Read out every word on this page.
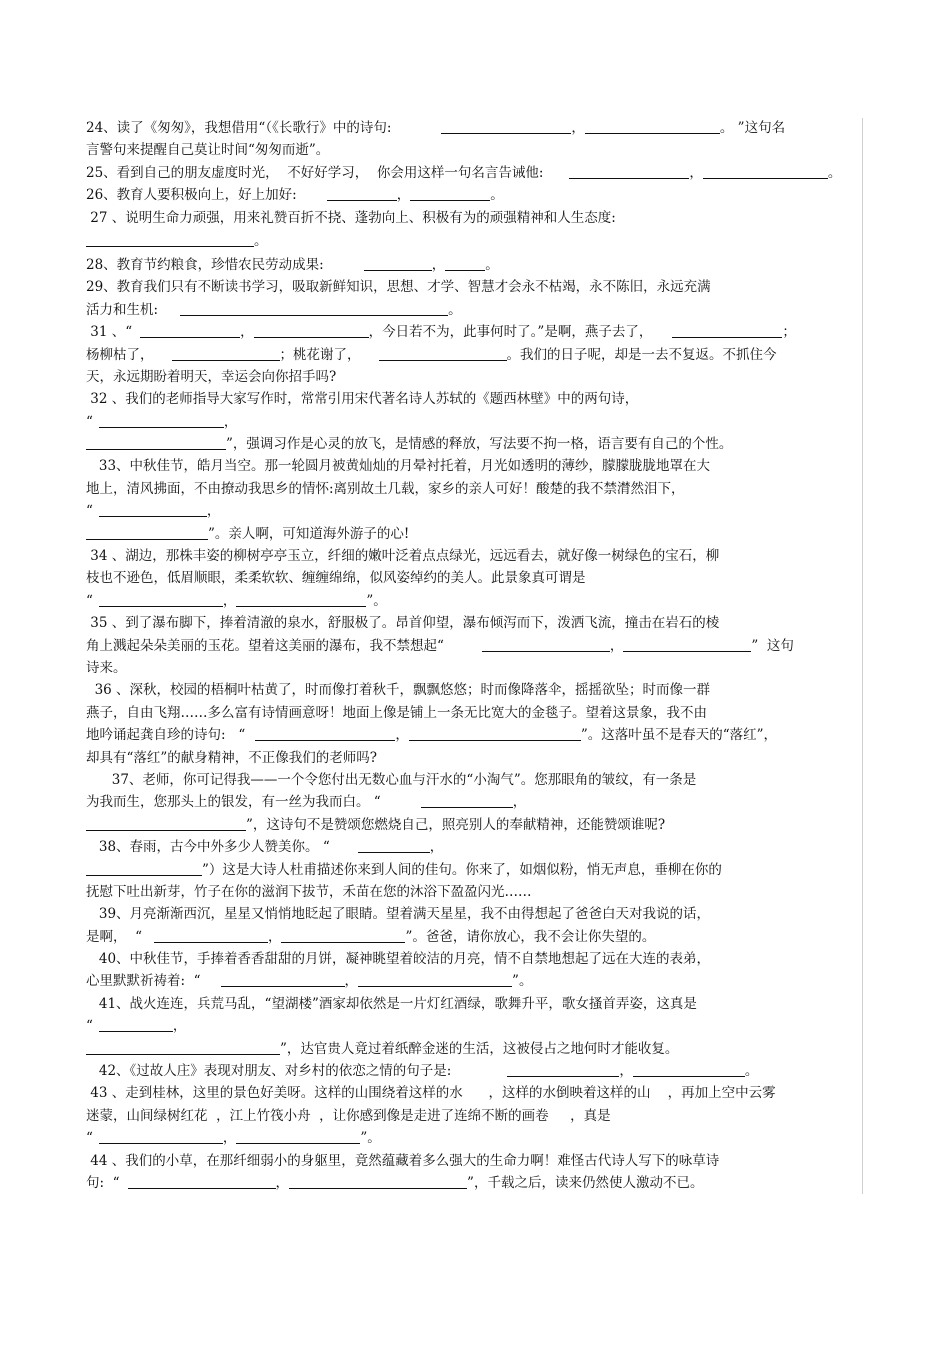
24、读了《匆匆》，我想借用“（《长歌行》中的诗句:	，	。 ”这句名
言警句来提醒自己莫让时间“匆匆而逝”。
25、看到自己的朋友虚度时光，  不好好学习，  你会用这样一句名言告诫他:	，	。
26、教育人要积极向上，好上加好:	，	。
27 、说明生命力顽强，用来礼赞百折不挠、蓬勃向上、积极有为的顽强精神和人生态度:
。
28、教育节约粮食，珍惜农民劳动成果:	，	。
29、教育我们只有不断读书学习，吸取新鲜知识，思想、才学、智慧才会永不枯竭，永不陈旧，永远充满
活力和生机:	。
31 、“	，	，今日若不为，此事何时了。”是啊，燕子去了，	；
杨柳枯了，	；桃花谢了，	。我们的日子呢，却是一去不复返。不抓住今
天，永远期盼着明天，幸运会向你招手吗?
32 、我们的老师指导大家写作时，常常引用宋代著名诗人苏轼的《题西林壁》中的两句诗，
“	，
”，强调习作是心灵的放飞，是情感的释放，写法要不拘一格，语言要有自己的个性。
33、中秋佳节，皓月当空。那一轮圆月被黄灿灿的月晕衬托着，月光如透明的薄纱，朦朦胧胧地罩在大
地上，清风拂面，不由撩动我思乡的情怀:离别故土几载，家乡的亲人可好！酸楚的我不禁潸然泪下，
“	，
”。亲人啊，可知道海外游子的心!
34 、湖边，那株丰姿的柳树亭亭玉立，纤细的嫩叶泛着点点绿光，远远看去，就好像一树绿色的宝石，柳
枝也不逊色，低眉顺眼，柔柔软软、缠缠绵绵，似风姿绰约的美人。此景象真可谓是
“	，	”。
35 、到了瀑布脚下，捧着清澈的泉水，舒服极了。昂首仰望，瀑布倾泻而下，泼洒飞流，撞击在岩石的棱
角上溅起朵朵美丽的玉花。望着这美丽的瀑布，我不禁想起“	，	”  这句
诗来。
36 、深秋，校园的梧桐叶枯黄了，时而像打着秋千，飘飘悠悠；时而像降落伞，摇摇欲坠；时而像一群
燕子，自由飞翔……多么富有诗情画意呀！地面上像是铺上一条无比宽大的金毯子。望着这景象，我不由
地吟诵起龚自珍的诗句:   “	，	”。这落叶虽不是春天的“落红”，
却具有“落红”的献身精神，不正像我们的老师吗?
37、老师，你可记得我——一个令您付出无数心血与汗水的“小淘气”。您那眼角的皱纹，有一条是
为我而生，您那头上的银发，有一丝为我而白。 “	，
”，这诗句不是赞颂您燃烧自己，照亮别人的奉献精神，还能赞颂谁呢?
38、春雨，古今中外多少人赞美你。 “	，
”）这是大诗人杜甫描述你来到人间的佳句。你来了，如烟似粉，悄无声息，垂柳在你的
抚慰下吐出新芽，竹子在你的滋润下拔节，禾苗在您的沐浴下盈盈闪光……
39、月亮渐渐西沉，星星又悄悄地眨起了眼睛。望着满天星星，我不由得想起了爸爸白天对我说的话，
是啊，  “	，	”。爸爸，请你放心，我不会让你失望的。
40、中秋佳节，手捧着香香甜甜的月饼，凝神眺望着皎洁的月亮，情不自禁地想起了远在大连的表弟，
心里默默祈祷着:  “	，	”。
41、战火连连，兵荒马乱，“望湖楼”酒家却依然是一片灯红酒绿，歌舞升平，歌女搔首弄姿，这真是
“	，
”，达官贵人竟过着纸醉金迷的生活，这被侵占之地何时才能收复。
42、《过故人庄》表现对朋友、对乡村的依恋之情的句子是:	，	。
43 、走到桂林，这里的景色好美呀。这样的山围绕着这样的水      ，这样的水倒映着这样的山    ，再加上空中云雾
迷蒙，山间绿树红花  ，江上竹筏小舟  ，让你感到像是走进了连绵不断的画卷     ，真是
“	，	”。
44 、我们的小草，在那纤细弱小的身躯里，竟然蕴藏着多么强大的生命力啊！难怪古代诗人写下的咏草诗
句:  “	，	”，千载之后，读来仍然使人激动不已。
